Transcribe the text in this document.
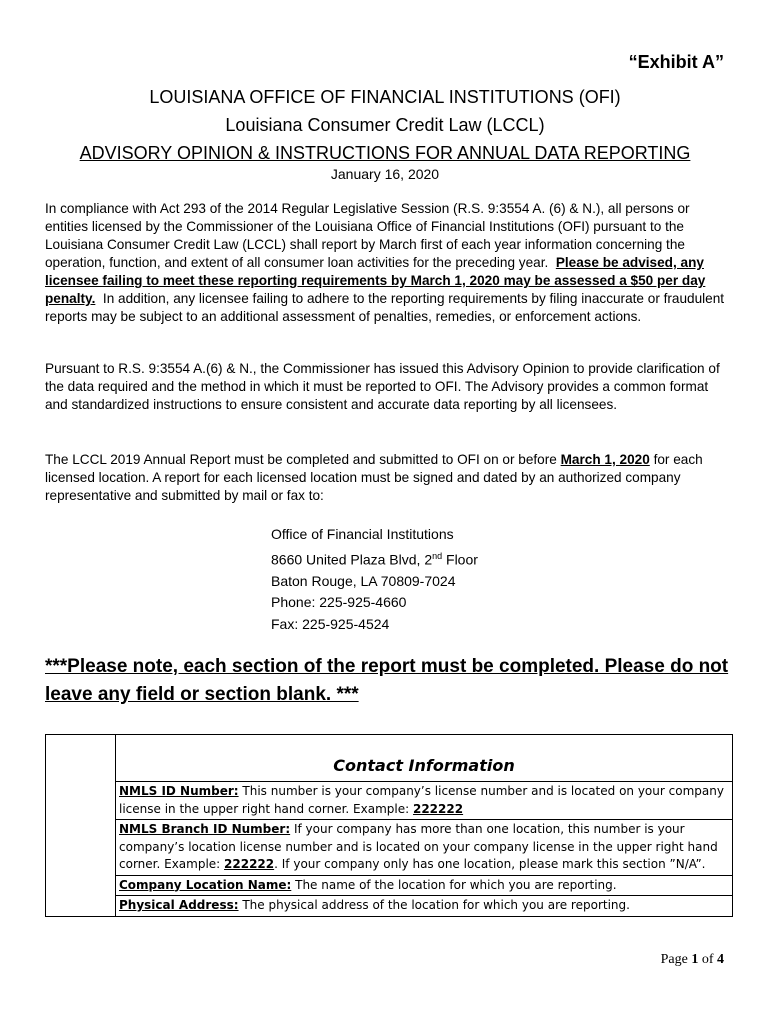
“Exhibit A”
LOUISIANA OFFICE OF FINANCIAL INSTITUTIONS (OFI)
Louisiana Consumer Credit Law (LCCL)
ADVISORY OPINION & INSTRUCTIONS FOR ANNUAL DATA REPORTING
January 16, 2020
In compliance with Act 293 of the 2014 Regular Legislative Session (R.S. 9:3554 A. (6) & N.), all persons or entities licensed by the Commissioner of the Louisiana Office of Financial Institutions (OFI) pursuant to the Louisiana Consumer Credit Law (LCCL) shall report by March first of each year information concerning the operation, function, and extent of all consumer loan activities for the preceding year. Please be advised, any licensee failing to meet these reporting requirements by March 1, 2020 may be assessed a $50 per day penalty. In addition, any licensee failing to adhere to the reporting requirements by filing inaccurate or fraudulent reports may be subject to an additional assessment of penalties, remedies, or enforcement actions.
Pursuant to R.S. 9:3554 A.(6) & N., the Commissioner has issued this Advisory Opinion to provide clarification of the data required and the method in which it must be reported to OFI. The Advisory provides a common format and standardized instructions to ensure consistent and accurate data reporting by all licensees.
The LCCL 2019 Annual Report must be completed and submitted to OFI on or before March 1, 2020 for each licensed location. A report for each licensed location must be signed and dated by an authorized company representative and submitted by mail or fax to:
Office of Financial Institutions
8660 United Plaza Blvd, 2nd Floor
Baton Rouge, LA 70809-7024
Phone: 225-925-4660
Fax: 225-925-4524
***Please note, each section of the report must be completed. Please do not leave any field or section blank. ***
	Contact Information
NMLS ID Number: This number is your company’s license number and is located on your company license in the upper right hand corner. Example: 222222
NMLS Branch ID Number: If your company has more than one location, this number is your company’s location license number and is located on your company license in the upper right hand corner. Example: 222222. If your company only has one location, please mark this section ”N/A”.
Company Location Name: The name of the location for which you are reporting.
Physical Address: The physical address of the location for which you are reporting.
Page 1 of 4
